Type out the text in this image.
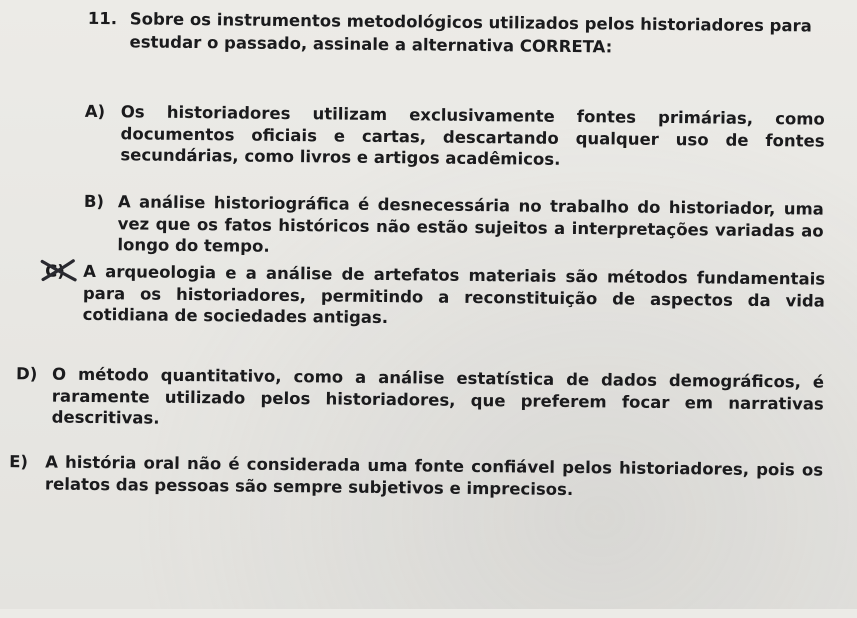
11. Sobre os instrumentos metodológicos utilizados pelos historiadores para estudar o passado, assinale a alternativa CORRETA:
A) Os historiadores utilizam exclusivamente fontes primárias, como documentos oficiais e cartas, descartando qualquer uso de fontes secundárias, como livros e artigos acadêmicos.
B) A análise historiográfica é desnecessária no trabalho do historiador, uma vez que os fatos históricos não estão sujeitos a interpretações variadas ao longo do tempo.
C) A arqueologia e a análise de artefatos materiais são métodos fundamentais para os historiadores, permitindo a reconstituição de aspectos da vida cotidiana de sociedades antigas.
D) O método quantitativo, como a análise estatística de dados demográficos, é raramente utilizado pelos historiadores, que preferem focar em narrativas descritivas.
E) A história oral não é considerada uma fonte confiável pelos historiadores, pois os relatos das pessoas são sempre subjetivos e imprecisos.
